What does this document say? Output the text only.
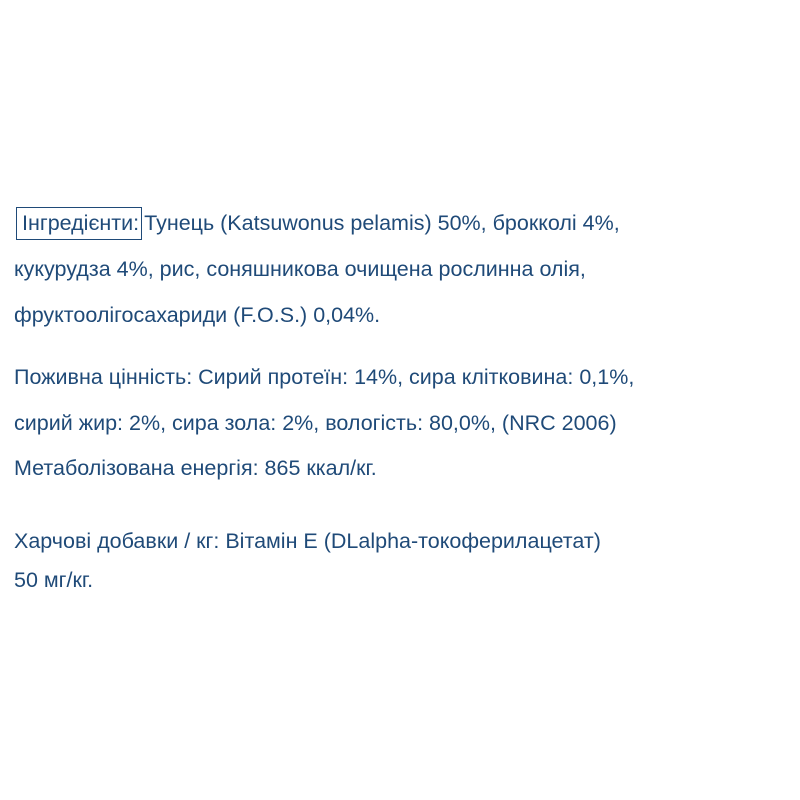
Інгредієнти: Тунець (Katsuwonus pelamis) 50%, брокколі 4%,
кукурудза 4%, рис, соняшникова очищена рослинна олія,
фруктоолігосахариди (F.O.S.) 0,04%.
Поживна цінність: Сирий протеїн: 14%, сира клітковина: 0,1%,
сирий жир: 2%, сира зола: 2%, вологість: 80,0%, (NRC 2006)
Метаболізована енергія: 865 ккал/кг.
Харчові добавки / кг: Вітамін Е (DLalpha-токоферилацетат)
50 мг/кг.
